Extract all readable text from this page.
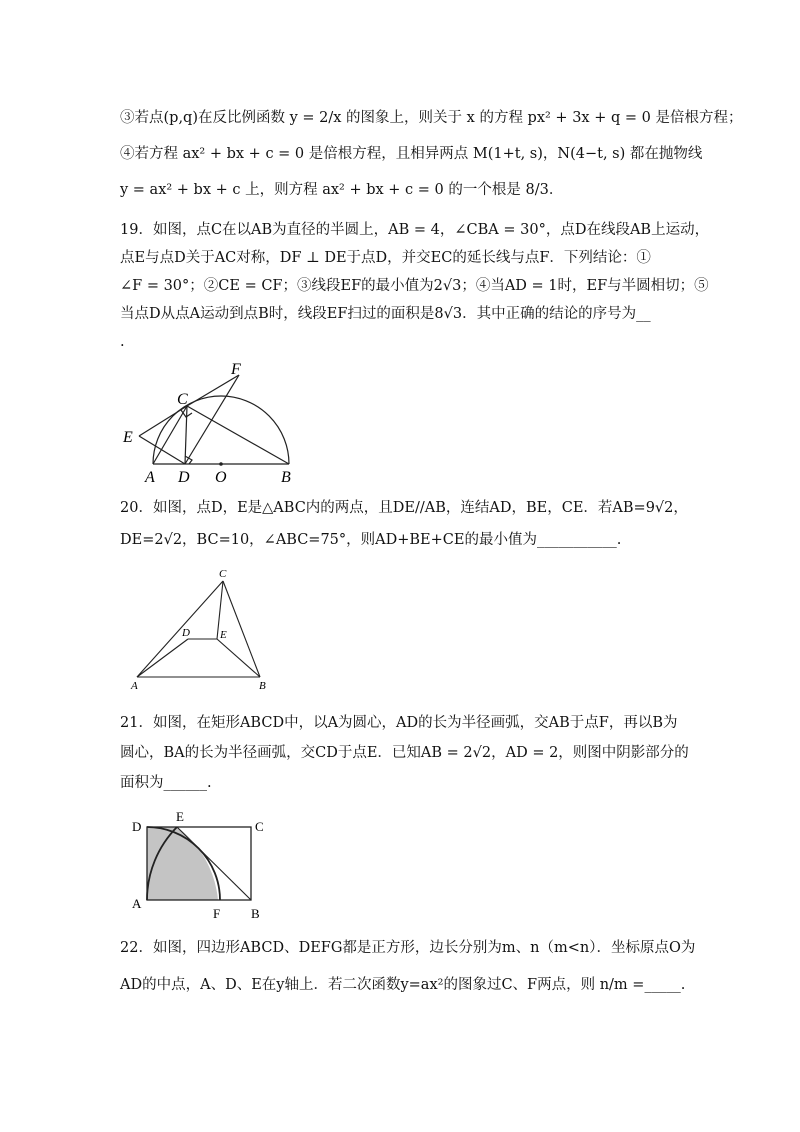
③若点(p,q)在反比例函数 y = 2/x 的图象上，则关于 x 的方程 px² + 3x + q = 0 是倍根方程；
④若方程 ax² + bx + c = 0 是倍根方程，且相异两点 M(1+t, s)，N(4−t, s) 都在抛物线
y = ax² + bx + c 上，则方程 ax² + bx + c = 0 的一个根是 8/3．
19．如图，点C在以AB为直径的半圆上，AB = 4，∠CBA = 30°，点D在线段AB上运动，
点E与点D关于AC对称，DF ⊥ DE于点D，并交EC的延长线与点F．下列结论：①
∠F = 30°；②CE = CF；③线段EF的最小值为2√3；④当AD = 1时，EF与半圆相切；⑤
当点D从点A运动到点B时，线段EF扫过的面积是8√3．其中正确的结论的序号为__
.
F
C
E
A D O	B
20．如图，点D，E是△ABC内的两点，且DE//AB，连结AD，BE，CE．若AB=9√2，
DE=2√2，BC=10，∠ABC=75°，则AD+BE+CE的最小值为___________.
C
D	E
A	B
21．如图，在矩形ABCD中，以A为圆心，AD的长为半径画弧，交AB于点F，再以B为
圆心，BA的长为半径画弧，交CD于点E．已知AB = 2√2，AD = 2，则图中阴影部分的
面积为______.
D
E
C
A
F B
22．如图，四边形ABCD、DEFG都是正方形，边长分别为m、n（m<n）．坐标原点O为
AD的中点，A、D、E在y轴上．若二次函数y=ax²的图象过C、F两点，则 n/m =_____.
